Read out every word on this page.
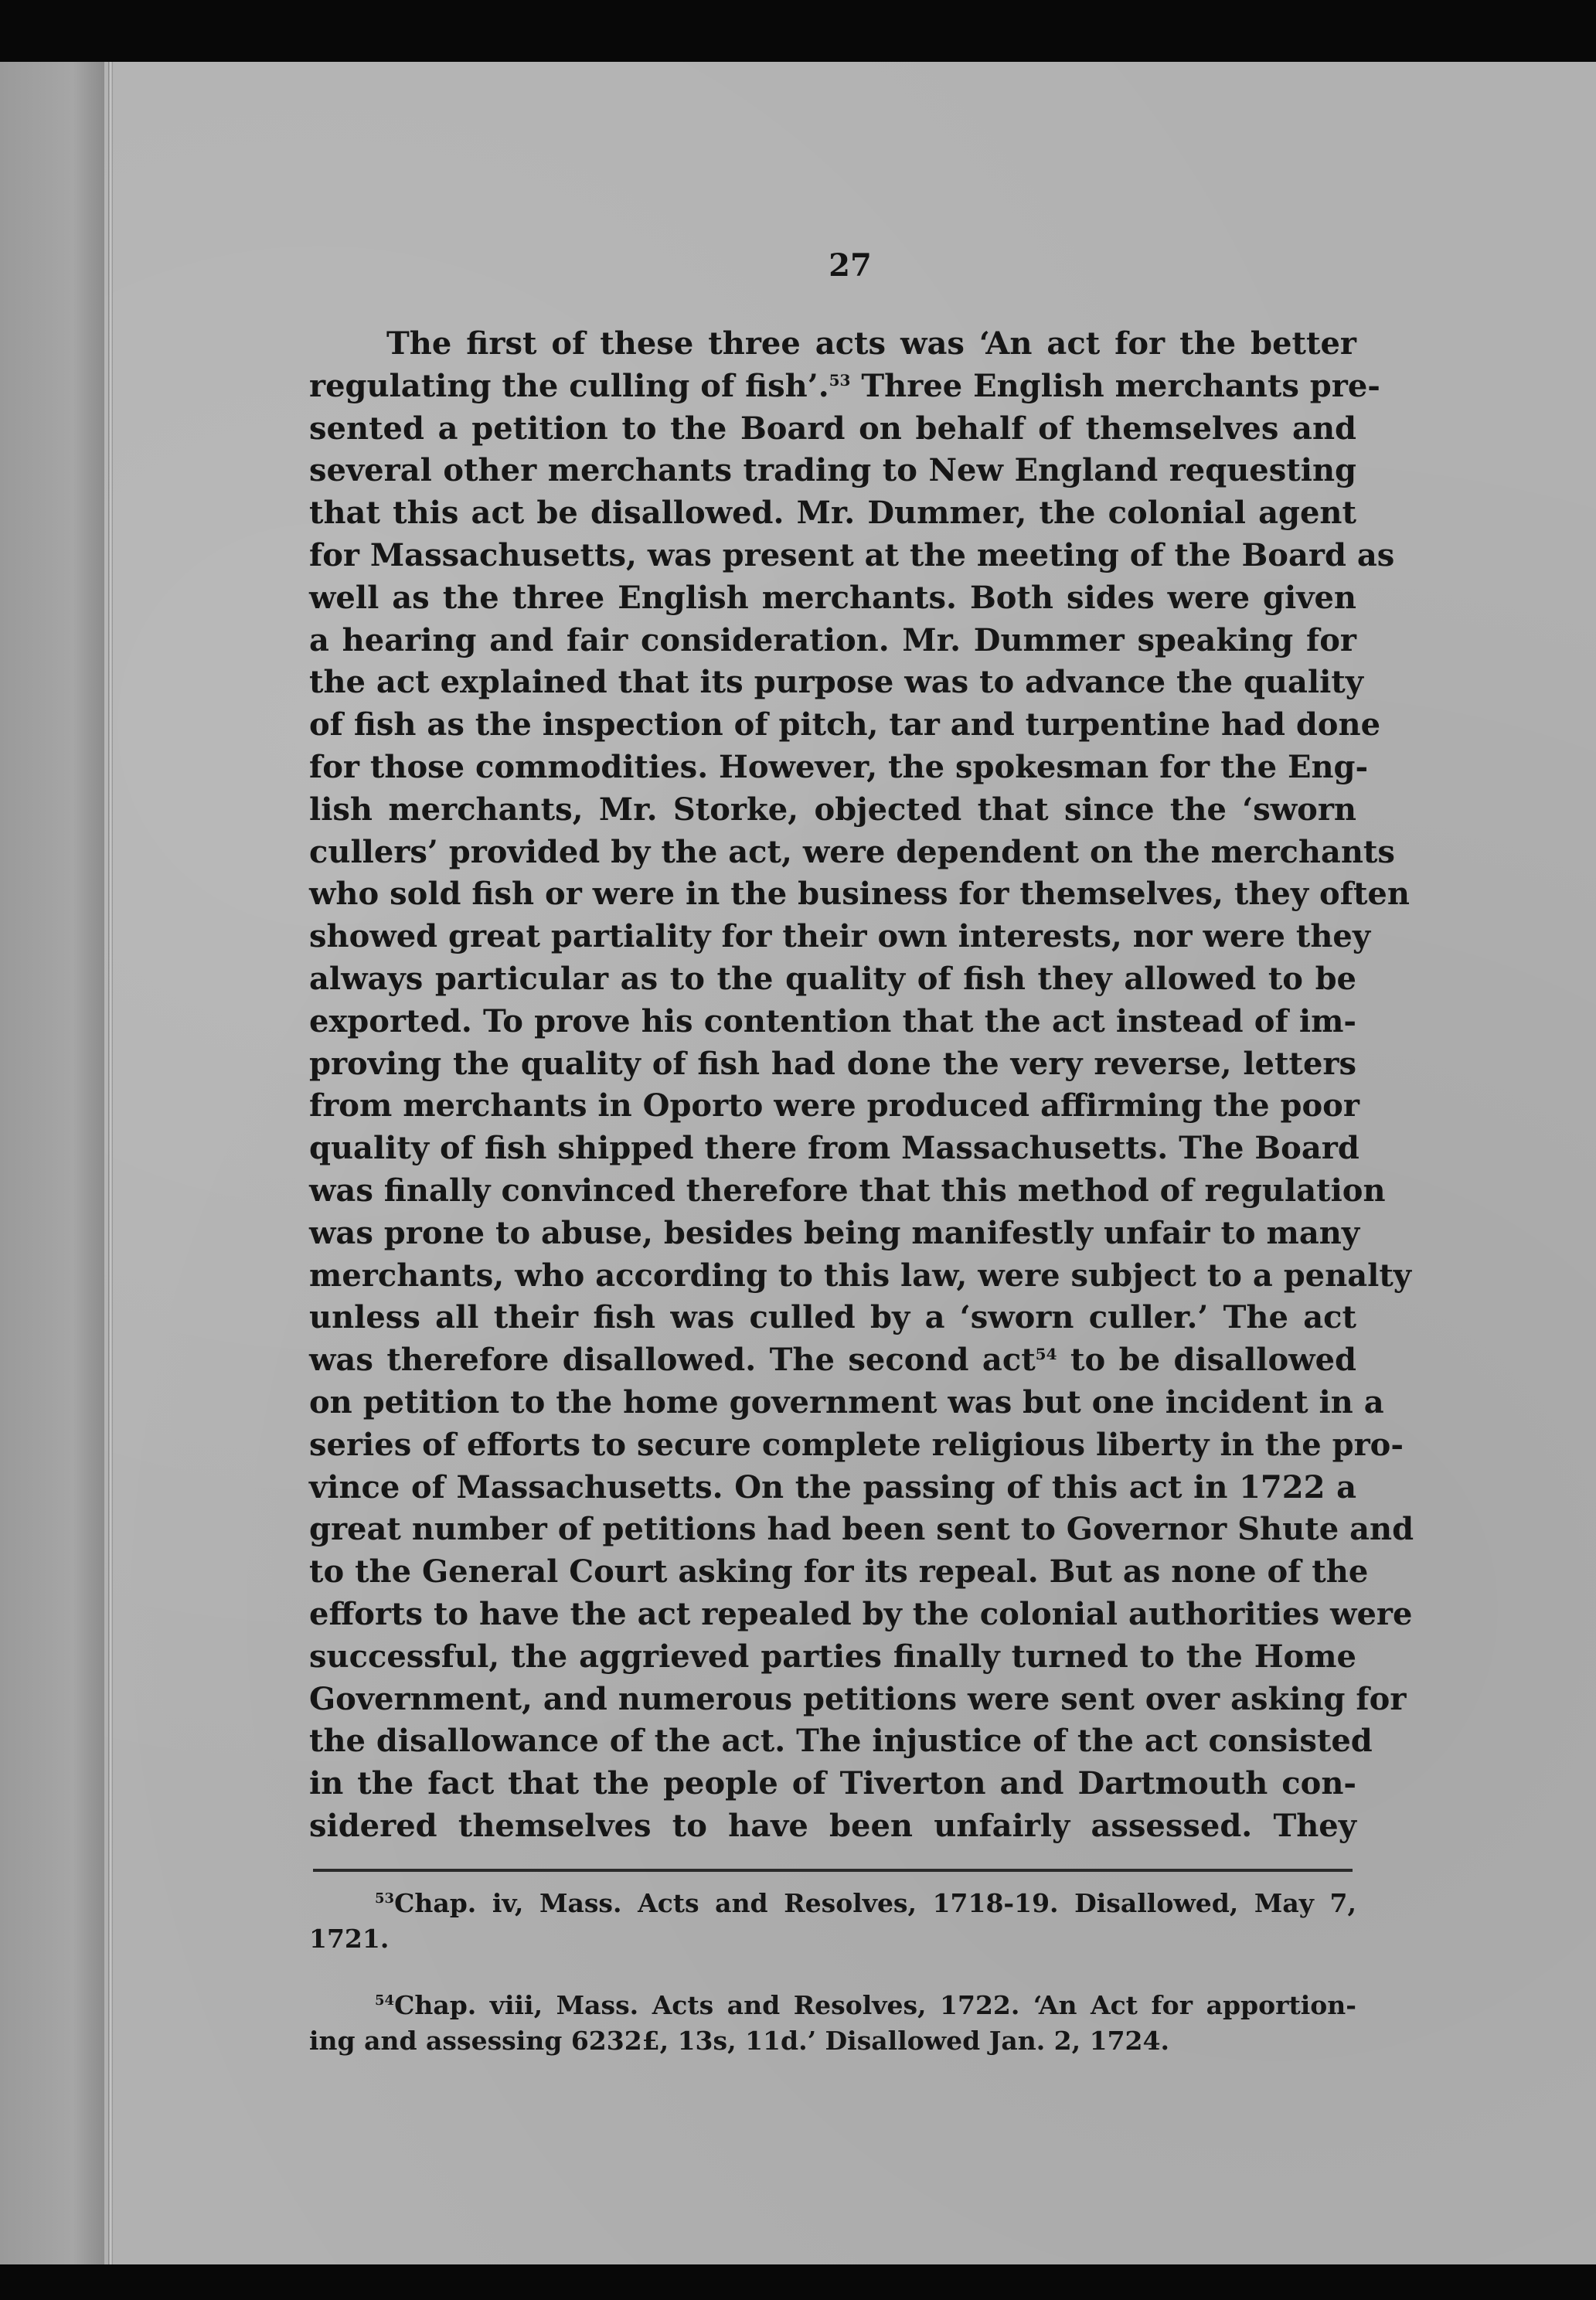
27

The first of these three acts was ‘An act for the better
regulating the culling of fish’.$^{53}$ Three English merchants pre-
sented a petition to the Board on behalf of themselves and
several other merchants trading to New England requesting
that this act be disallowed. Mr. Dummer, the colonial agent
for Massachusetts, was present at the meeting of the Board as
well as the three English merchants. Both sides were given
a hearing and fair consideration. Mr. Dummer speaking for
the act explained that its purpose was to advance the quality
of fish as the inspection of pitch, tar and turpentine had done
for those commodities. However, the spokesman for the Eng-
lish merchants, Mr. Storke, objected that since the ‘sworn
cullers’ provided by the act, were dependent on the merchants
who sold fish or were in the business for themselves, they often
showed great partiality for their own interests, nor were they
always particular as to the quality of fish they allowed to be
exported. To prove his contention that the act instead of im-
proving the quality of fish had done the very reverse, letters
from merchants in Oporto were produced affirming the poor
quality of fish shipped there from Massachusetts. The Board
was finally convinced therefore that this method of regulation
was prone to abuse, besides being manifestly unfair to many
merchants, who according to this law, were subject to a penalty
unless all their fish was culled by a ‘sworn culler.’ The act
was therefore disallowed. The second act$^{54}$ to be disallowed
on petition to the home government was but one incident in a
series of efforts to secure complete religious liberty in the pro-
vince of Massachusetts. On the passing of this act in 1722 a
great number of petitions had been sent to Governor Shute and
to the General Court asking for its repeal. But as none of the
efforts to have the act repealed by the colonial authorities were
successful, the aggrieved parties finally turned to the Home
Government, and numerous petitions were sent over asking for
the disallowance of the act. The injustice of the act consisted
in the fact that the people of Tiverton and Dartmouth con-
sidered themselves to have been unfairly assessed. They
$^{53}$Chap. iv, Mass. Acts and Resolves, 1718-19. Disallowed, May 7,
1721.
$^{54}$Chap. viii, Mass. Acts and Resolves, 1722. ‘An Act for apportion-
ing and assessing 6232£, 13s, 11d.’ Disallowed Jan. 2, 1724.
